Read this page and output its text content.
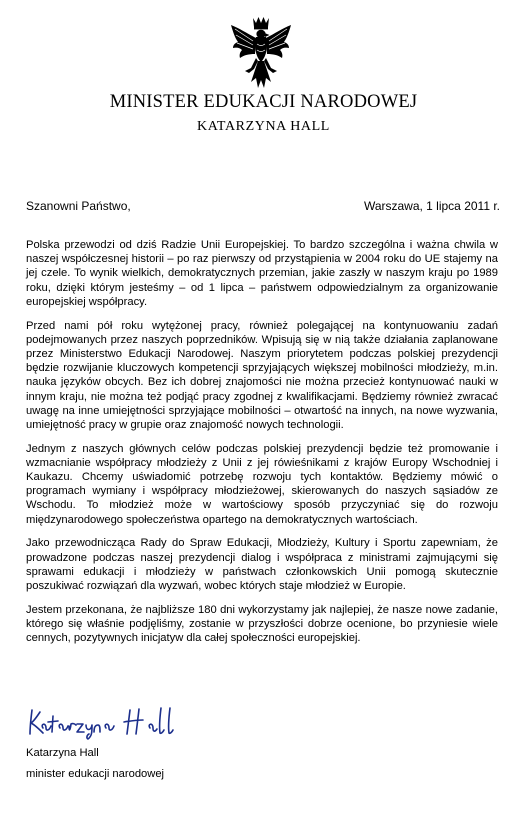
MINISTER EDUKACJI NARODOWEJ
KATARZYNA HALL
Szanowni Państwo,	Warszawa, 1 lipca 2011 r.

Polska przewodzi od dziś Radzie Unii Europejskiej. To bardzo szczególna i ważna chwila w naszej współczesnej historii – po raz pierwszy od przystąpienia w 2004 roku do UE stajemy na jej czele. To wynik wielkich, demokratycznych przemian, jakie zaszły w naszym kraju po 1989 roku, dzięki którym jesteśmy – od 1 lipca – państwem odpowiedzialnym za organizowanie europejskiej współpracy.

Przed nami pół roku wytężonej pracy, również polegającej na kontynuowaniu zadań podejmowanych przez naszych poprzedników. Wpisują się w nią także działania zaplanowane przez Ministerstwo Edukacji Narodowej. Naszym priorytetem podczas polskiej prezydencji będzie rozwijanie kluczowych kompetencji sprzyjających większej mobilności młodzieży, m.in. nauka języków obcych. Bez ich dobrej znajomości nie można przecież kontynuować nauki w innym kraju, nie można też podjąć pracy zgodnej z kwalifikacjami. Będziemy również zwracać uwagę na inne umiejętności sprzyjające mobilności – otwartość na innych, na nowe wyzwania, umiejętność pracy w grupie oraz znajomość nowych technologii.

Jednym z naszych głównych celów podczas polskiej prezydencji będzie też promowanie i wzmacnianie współpracy młodzieży z Unii z jej rówieśnikami z krajów Europy Wschodniej i Kaukazu. Chcemy uświadomić potrzebę rozwoju tych kontaktów. Będziemy mówić o programach wymiany i współpracy młodzieżowej, skierowanych do naszych sąsiadów ze Wschodu. To młodzież może w wartościowy sposób przyczyniać się do rozwoju międzynarodowego społeczeństwa opartego na demokratycznych wartościach.

Jako przewodnicząca Rady do Spraw Edukacji, Młodzieży, Kultury i Sportu zapewniam, że prowadzone podczas naszej prezydencji dialog i współpraca z ministrami zajmującymi się sprawami edukacji i młodzieży w państwach członkowskich Unii pomogą skutecznie poszukiwać rozwiązań dla wyzwań, wobec których staje młodzież w Europie.

Jestem przekonana, że najbliższe 180 dni wykorzystamy jak najlepiej, że nasze nowe zadanie, którego się właśnie podjęliśmy, zostanie w przyszłości dobrze ocenione, bo przyniesie wiele cennych, pozytywnych inicjatyw dla całej społeczności europejskiej.

Katarzyna Hall
minister edukacji narodowej
